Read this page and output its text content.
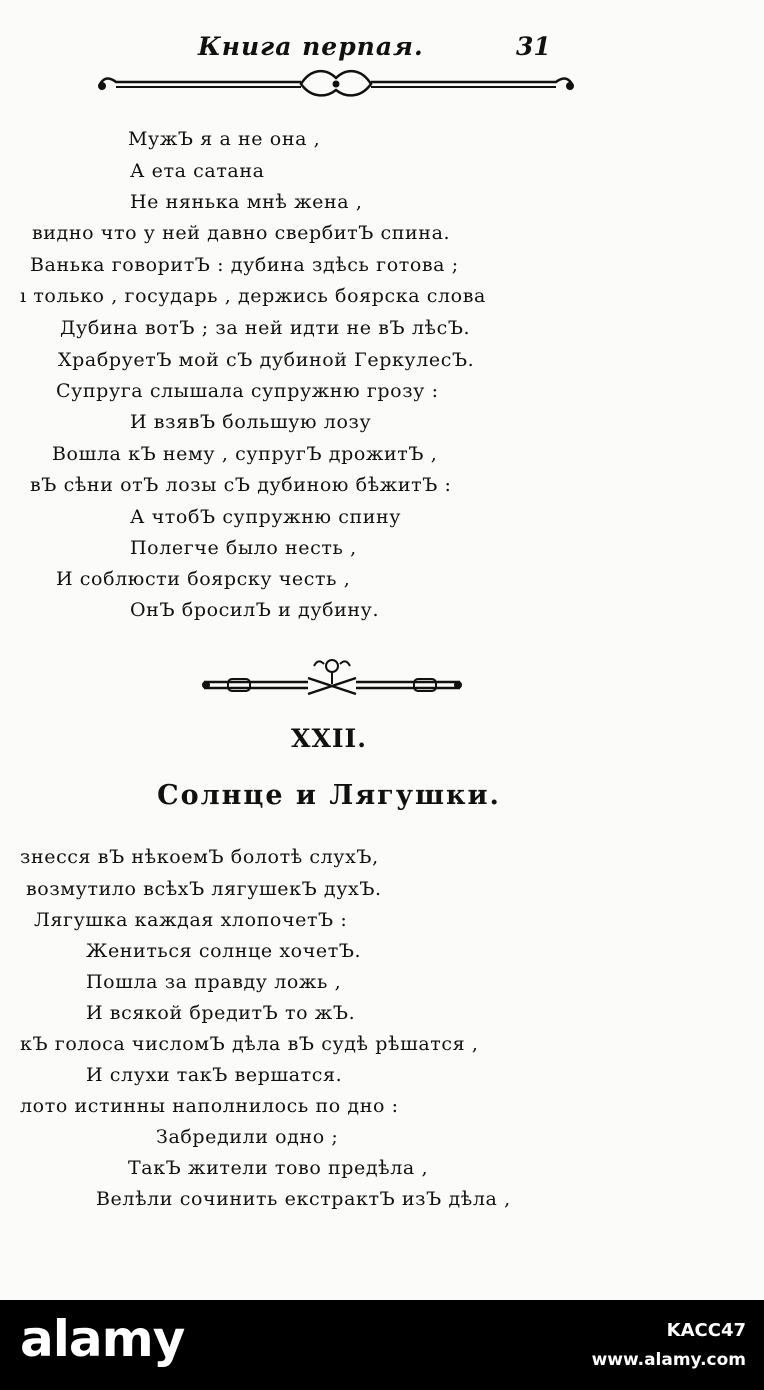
Книга перпая.	31
МужЪ я а не она ,
А ета сатана
Не нянька мнѣ жена ,
видно что у ней давно свербитЪ спина.
Ванька говоритЪ : дубина здѣсь готова ;
ı только , государь , держись боярска слова
Дубина вотЪ ; за ней идти не вЪ лѣсЪ.
ХрабруетЪ мой сЪ дубиной ГеркулесЪ.
Супруга слышала супружню грозу :
И взявЪ большую лозу
Вошла кЪ нему , супругЪ дрожитЪ ,
вЪ сѣни отЪ лозы сЪ дубиною бѣжитЪ :
А чтобЪ супружню спину
Полегче было несть ,
И соблюсти боярску честь ,
ОнЪ бросилЪ и дубину.
XXII.
Солнце и Лягушки.
знесся вЪ нѣкоемЪ болотѣ слухЪ,
возмутило всѣхЪ лягушекЪ духЪ.
Лягушка каждая хлопочетЪ :
Жениться солнце хочетЪ.
Пошла за правду ложь ,
И всякой бредитЪ то жЪ.
кЪ голоса числомЪ дѣла вЪ судѣ рѣшатся ,
И слухи такЪ вершатся.
лото истинны наполнилось по дно :
Забредили одно ;
ТакЪ жители тово предѣла ,
Велѣли сочинить екстрактЪ изЪ дѣла ,
alamy	KACC47
www.alamy.com
